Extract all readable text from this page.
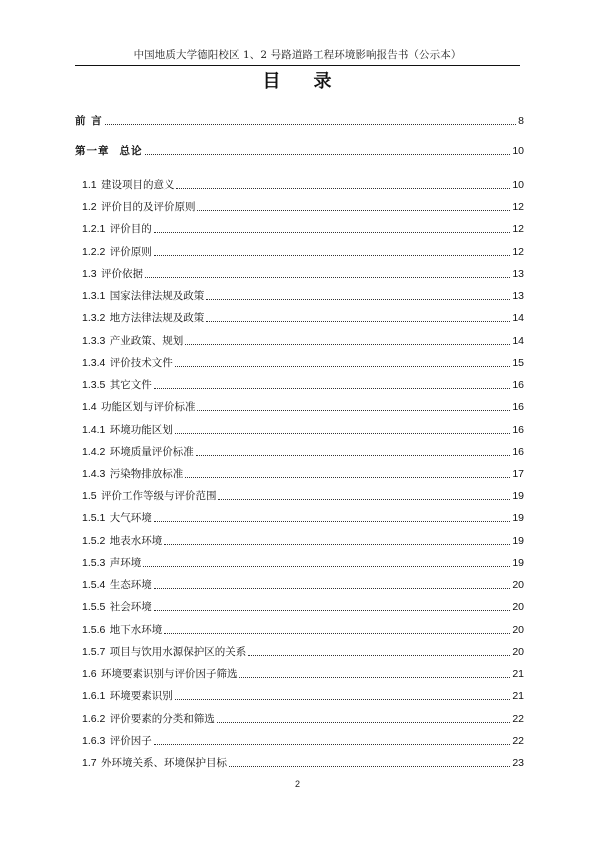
中国地质大学德阳校区 1、2 号路道路工程环境影响报告书（公示本）
目 录
前 言	8
第一章 总论	10
1.1 建设项目的意义	10
1.2 评价目的及评价原则	12
1.2.1 评价目的	12
1.2.2 评价原则	12
1.3 评价依据	13
1.3.1 国家法律法规及政策	13
1.3.2 地方法律法规及政策	14
1.3.3 产业政策、规划	14
1.3.4 评价技术文件	15
1.3.5 其它文件	16
1.4 功能区划与评价标准	16
1.4.1 环境功能区划	16
1.4.2 环境质量评价标准	16
1.4.3 污染物排放标准	17
1.5 评价工作等级与评价范围	19
1.5.1 大气环境	19
1.5.2 地表水环境	19
1.5.3 声环境	19
1.5.4 生态环境	20
1.5.5 社会环境	20
1.5.6 地下水环境	20
1.5.7 项目与饮用水源保护区的关系	20
1.6 环境要素识别与评价因子筛选	21
1.6.1 环境要素识别	21
1.6.2 评价要素的分类和筛选	22
1.6.3 评价因子	22
1.7 外环境关系、环境保护目标	23
2
